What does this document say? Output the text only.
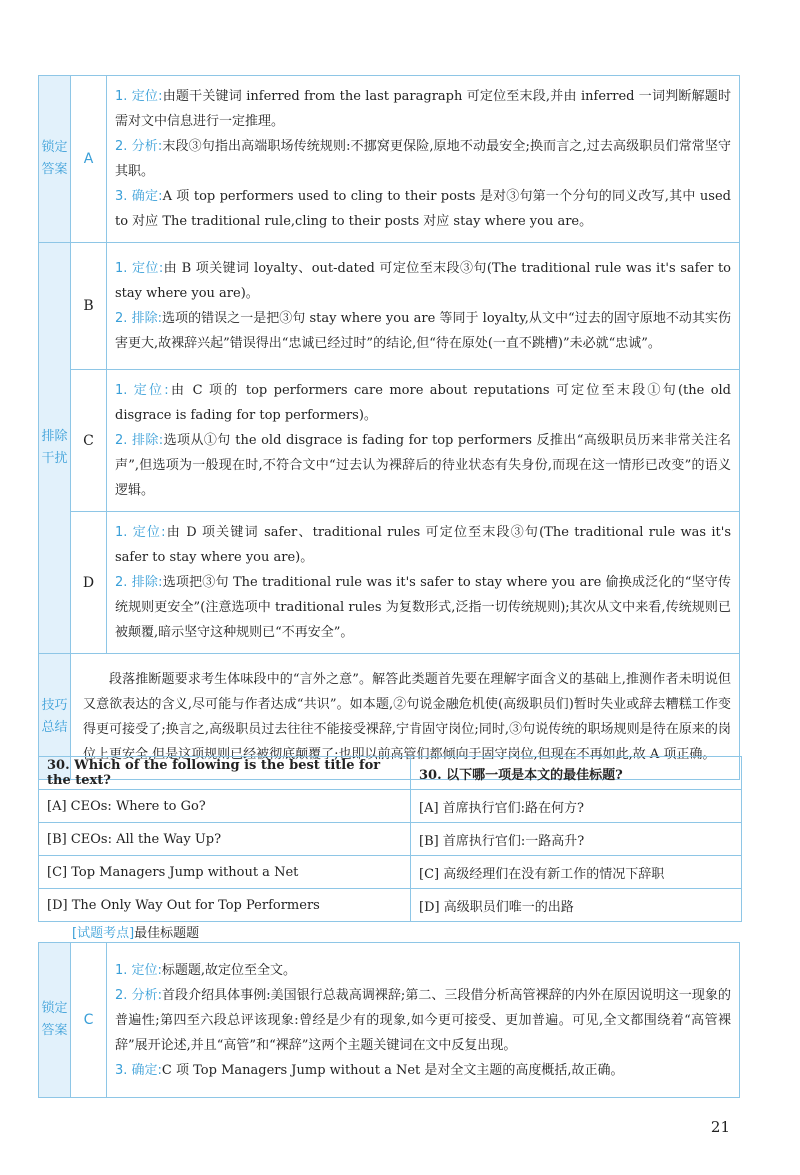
锁定答案	A	1. 定位:由题干关键词 inferred from the last paragraph 可定位至末段,并由 inferred 一词判断解题时需对文中信息进行一定推理。
2. 分析:末段③句指出高端职场传统规则:不挪窝更保险,原地不动最安全;换而言之,过去高级职员们常常坚守其职。
3. 确定:A 项 top performers used to cling to their posts 是对③句第一个分句的同义改写,其中 used to 对应 The traditional rule,cling to their posts 对应 stay where you are。

排除干扰	B	1. 定位:由 B 项关键词 loyalty、out-dated 可定位至末段③句(The traditional rule was it's safer to stay where you are)。
2. 排除:选项的错误之一是把③句 stay where you are 等同于 loyalty,从文中“过去的固守原地不动其实伤害更大,故裸辞兴起”错误得出“忠诚已经过时”的结论,但“待在原处(一直不跳槽)”未必就“忠诚”。

	C	1. 定位:由 C 项的 top performers care more about reputations 可定位至末段①句(the old disgrace is fading for top performers)。
2. 排除:选项从①句 the old disgrace is fading for top performers 反推出“高级职员历来非常关注名声”,但选项为一般现在时,不符合文中“过去认为裸辞后的待业状态有失身份,而现在这一情形已改变”的语义逻辑。

	D	1. 定位:由 D 项关键词 safer、traditional rules 可定位至末段③句(The traditional rule was it's safer to stay where you are)。
2. 排除:选项把③句 The traditional rule was it's safer to stay where you are 偷换成泛化的“坚守传统规则更安全”(注意选项中 traditional rules 为复数形式,泛指一切传统规则);其次从文中来看,传统规则已被颠覆,暗示坚守这种规则已“不再安全”。

技巧总结	段落推断题要求考生体味段中的“言外之意”。解答此类题首先要在理解字面含义的基础上,推测作者未明说但又意欲表达的含义,尽可能与作者达成“共识”。如本题,②句说金融危机使(高级职员们)暂时失业或辞去糟糕工作变得更可接受了;换言之,高级职员过去往往不能接受裸辞,宁肯固守岗位;同时,③句说传统的职场规则是待在原来的岗位上更安全,但是这项规则已经被彻底颠覆了;也即以前高管们都倾向于固守岗位,但现在不再如此,故 A 项正确。	
30. Which of the following is the best title for the text?	30. 以下哪一项是本文的最佳标题?
[A] CEOs: Where to Go?	[A] 首席执行官们:路在何方?
[B] CEOs: All the Way Up?	[B] 首席执行官们:一路高升?
[C] Top Managers Jump without a Net	[C] 高级经理们在没有新工作的情况下辞职
[D] The Only Way Out for Top Performers	[D] 高级职员们唯一的出路
[试题考点]最佳标题题
锁定答案	C	
1. 定位:标题题,故定位至全文。
2. 分析:首段介绍具体事例:美国银行总裁高调裸辞;第二、三段借分析高管裸辞的内外在原因说明这一现象的普遍性;第四至六段总评该现象:曾经是少有的现象,如今更可接受、更加普遍。可见,全文都围绕着“高管裸辞”展开论述,并且“高管”和“裸辞”这两个主题关键词在文中反复出现。
3. 确定:C 项 Top Managers Jump without a Net 是对全文主题的高度概括,故正确。
21
